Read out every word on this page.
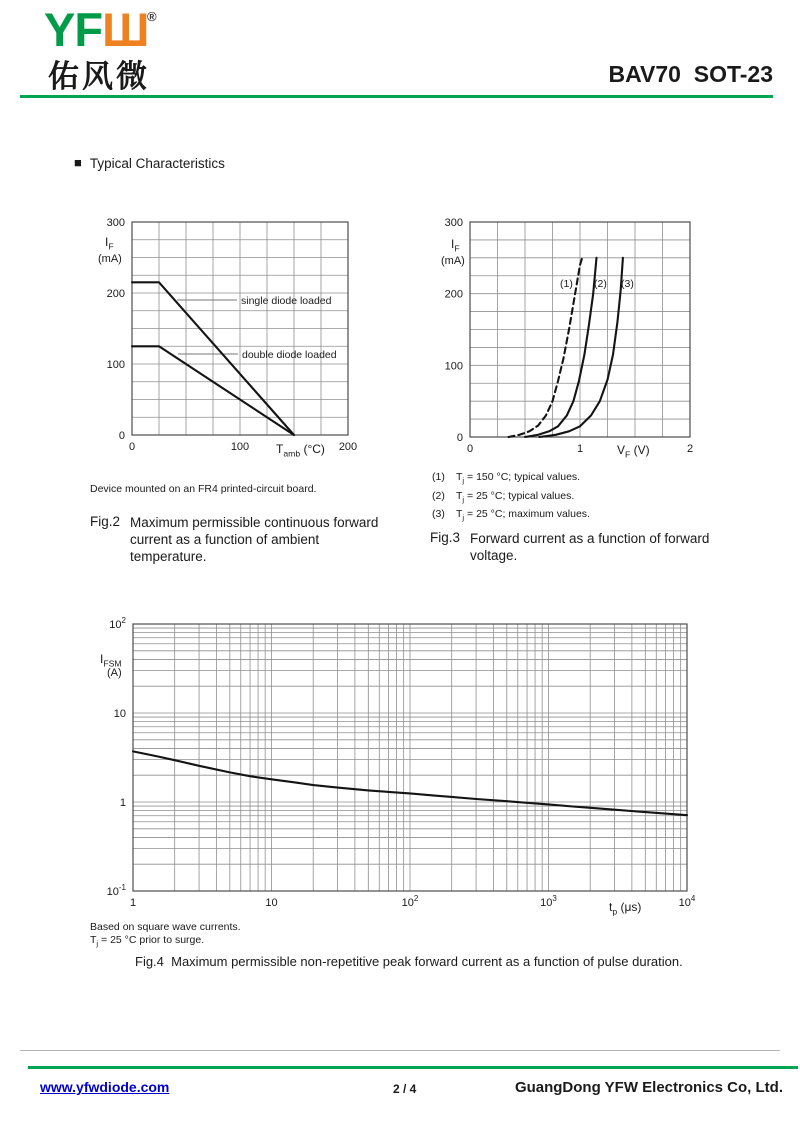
YFШ
®
佑风微	BAV70  SOT-23
■ Typical Characteristics
single diode loaded
double diode loaded
0	100	200
0
100
200
300
$I_F$
(mA)
$T_{amb}$ (°C)
Device mounted on an FR4 printed-circuit board.
Fig.2 Maximum permissible continuous forward current as a function of ambient temperature.
(1) (2) (3)
0	1	2
0
100
200
300
$I_F$
(mA)
$V_F$ (V)
(1) $T_j = 150$ °C; typical values.
(2) $T_j = 25$ °C; typical values.
(3) $T_j = 25$ °C; maximum values.
Fig.3 Forward current as a function of forward voltage.
1	10	$10^2$	$10^3$	$10^4$
$10^2$
10
1
$10^{-1}$
$I_{FSM}$
(A)
$t_p$ (μs)
Based on square wave currents.
$T_j = 25$ °C prior to surge.
Fig.4  Maximum permissible non-repetitive peak forward current as a function of pulse duration.
www.yfwdiode.com	2 / 4	GuangDong YFW Electronics Co, Ltd.
